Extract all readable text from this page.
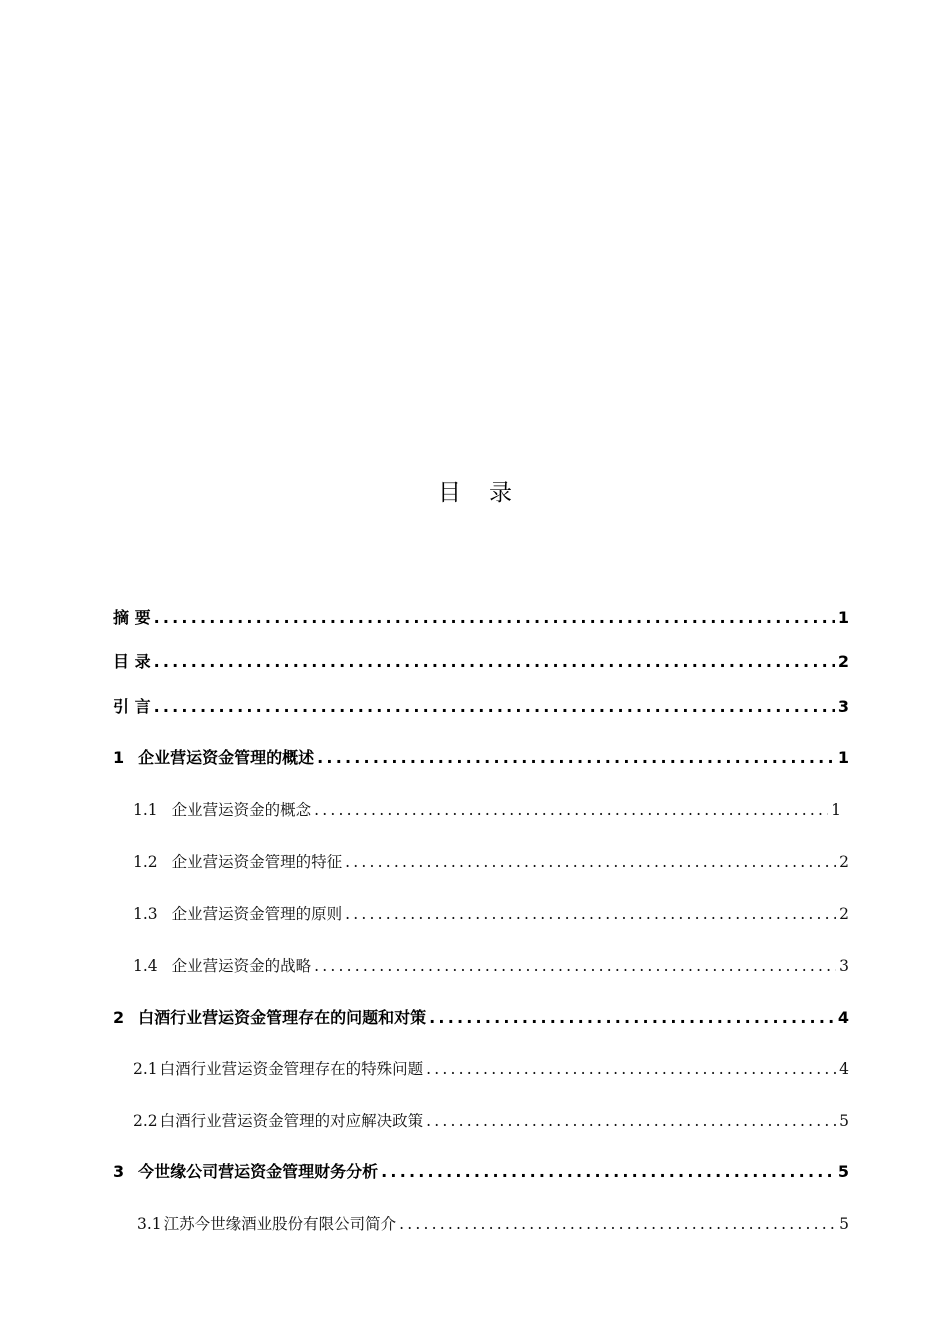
目录
摘 要 .....	1
目 录 .....	2
引 言 .....	3
1 企业营运资金管理的概述 .....	1
1.1 企业营运资金的概念 .....	1
1.2 企业营运资金管理的特征 .....	2
1.3 企业营运资金管理的原则 .....	2
1.4 企业营运资金的战略 .....	3
2 白酒行业营运资金管理存在的问题和对策 .....	4
2.1 白酒行业营运资金管理存在的特殊问题 .....	4
2.2 白酒行业营运资金管理的对应解决政策 .....	5
3 今世缘公司营运资金管理财务分析 .....	5
3.1 江苏今世缘酒业股份有限公司简介 .....	5
